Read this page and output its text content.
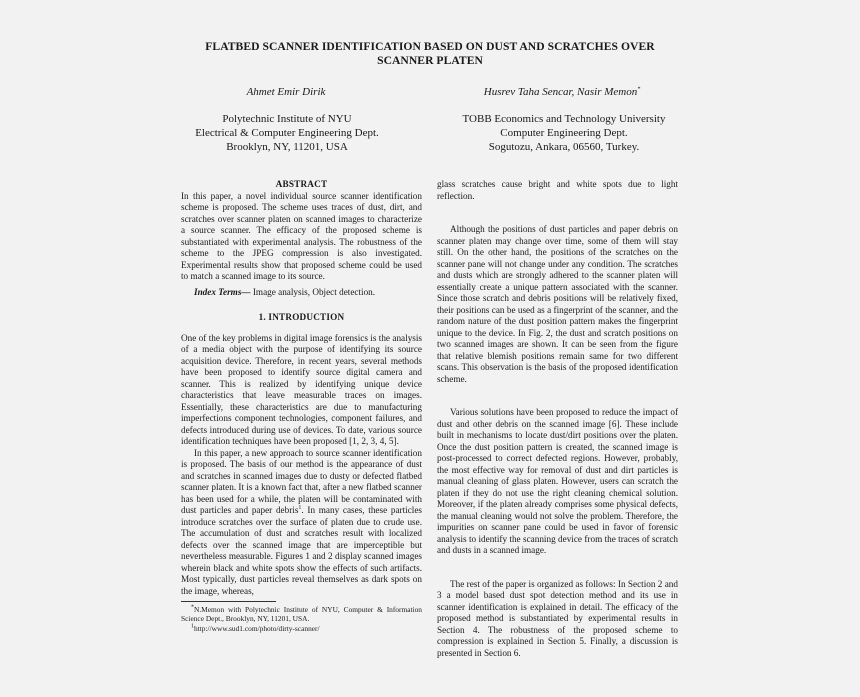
FLATBED SCANNER IDENTIFICATION BASED ON DUST AND SCRATCHES OVER
SCANNER PLATEN
Ahmet Emir Dirik	Husrev Taha Sencar, Nasir Memon*
Polytechnic Institute of NYU
Electrical & Computer Engineering Dept.
Brooklyn, NY, 11201, USA
TOBB Economics and Technology University
Computer Engineering Dept.
Sogutozu, Ankara, 06560, Turkey.
ABSTRACT

In this paper, a novel individual source scanner identification scheme is proposed. The scheme uses traces of dust, dirt, and scratches over scanner platen on scanned images to characterize a source scanner. The efficacy of the proposed scheme is substantiated with experimental analysis. The robustness of the scheme to the JPEG compression is also investigated. Experimental results show that proposed scheme could be used to match a scanned image to its source.

Index Terms— Image analysis, Object detection.

1. INTRODUCTION

One of the key problems in digital image forensics is the analysis of a media object with the purpose of identifying its source acquisition device. Therefore, in recent years, several methods have been proposed to identify source digital camera and scanner. This is realized by identifying unique device characteristics that leave measurable traces on images. Essentially, these characteristics are due to manufacturing imperfections component technologies, component failures, and defects introduced during use of devices. To date, various source identification techniques have been proposed [1, 2, 3, 4, 5].

In this paper, a new approach to source scanner identification is proposed. The basis of our method is the appearance of dust and scratches in scanned images due to dusty or defected flatbed scanner platen. It is a known fact that, after a new flatbed scanner has been used for a while, the platen will be contaminated with dust particles and paper debris$^1$. In many cases, these particles introduce scratches over the surface of platen due to crude use. The accumulation of dust and scratches result with localized defects over the scanned image that are imperceptible but nevertheless measurable. Figures 1 and 2 display scanned images wherein black and white spots show the effects of such artifacts. Most typically, dust particles reveal themselves as dark spots on the image, whereas,

*N.Memon with Polytechnic Institute of NYU, Computer & Information Science Dept., Brooklyn, NY, 11201, USA.

$^1$http://www.sud1.com/photo/dirty-scanner/

glass scratches cause bright and white spots due to light reflection.

Although the positions of dust particles and paper debris on scanner platen may change over time, some of them will stay still. On the other hand, the positions of the scratches on the scanner pane will not change under any condition. The scratches and dusts which are strongly adhered to the scanner platen will essentially create a unique pattern associated with the scanner. Since those scratch and debris positions will be relatively fixed, their positions can be used as a fingerprint of the scanner, and the random nature of the dust position pattern makes the fingerprint unique to the device. In Fig. 2, the dust and scratch positions on two scanned images are shown. It can be seen from the figure that relative blemish positions remain same for two different scans. This observation is the basis of the proposed identification scheme.

Various solutions have been proposed to reduce the impact of dust and other debris on the scanned image [6]. These include built in mechanisms to locate dust/dirt positions over the platen. Once the dust position pattern is created, the scanned image is post-processed to correct defected regions. However, probably, the most effective way for removal of dust and dirt particles is manual cleaning of glass platen. However, users can scratch the platen if they do not use the right cleaning chemical solution. Moreover, if the platen already comprises some physical defects, the manual cleaning would not solve the problem. Therefore, the impurities on scanner pane could be used in favor of forensic analysis to identify the scanning device from the traces of scratch and dusts in a scanned image.

The rest of the paper is organized as follows: In Section 2 and 3 a model based dust spot detection method and its use in scanner identification is explained in detail. The efficacy of the proposed method is substantiated by experimental results in Section 4. The robustness of the proposed scheme to compression is explained in Section 5. Finally, a discussion is presented in Section 6.
